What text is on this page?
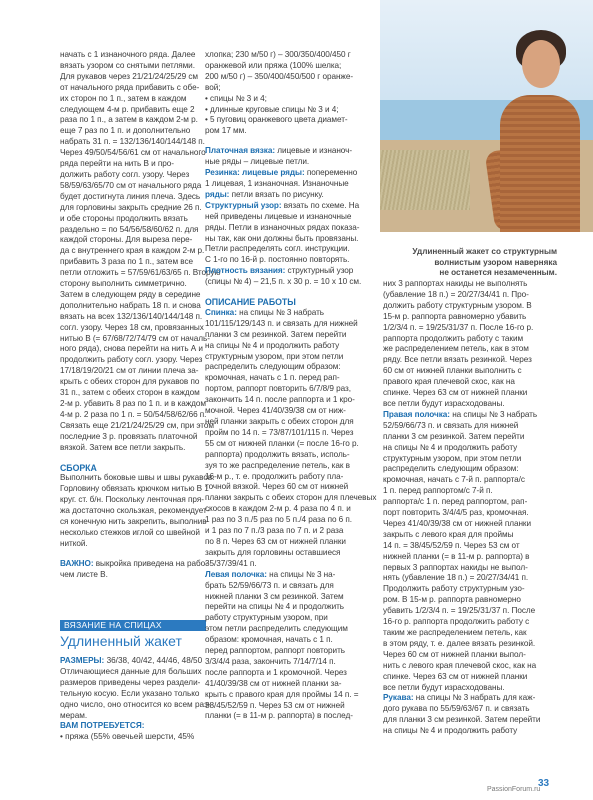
Удлиненный жакет со структурным
волнистым узором наверняка
не останется незамеченным.

начать с 1 изнаночного ряда. Далее

вязать узором со снятыми петлями.

Для рукавов через 21/21/24/25/29 см

от начального ряда прибавить с обе-

их сторон по 1 п., затем в каждом

следующем 4-м р. прибавить еще 2

раза по 1 п., а затем в каждом 2-м р.

еще 7 раз по 1 п. и дополнительно

набрать 31 п. = 132/136/140/144/148 п.

Через 49/50/54/56/61 см от начального

ряда перейти на нить В и про-

должить работу согл. узору. Через

58/59/63/65/70 см от начального ряда

будет достигнута линия плеча. Здесь

для горловины закрыть средние 26 п.

и обе стороны продолжить вязать

раздельно = по 54/56/58/60/62 п. для

каждой стороны. Для выреза пере-

да с внутреннего края в каждом 2-м р.

прибавить 3 раза по 1 п., затем все

петли отложить = 57/59/61/63/65 п. Вторую

сторону выполнить симметрично.

Затем в следующем ряду в середине

дополнительно набрать 18 п. и снова

вязать на всех 132/136/140/144/148 п.

согл. узору. Через 18 см, провязанных

нитью В (= 67/68/72/74/79 см от началь-

ного ряда), снова перейти на нить А и

продолжить работу согл. узору. Через

17/18/19/20/21 см от линии плеча за-

крыть с обеих сторон для рукавов по

31 п., затем с обеих сторон в каждом

2-м р. убавить 8 раз по 1 п. и в каждом

4-м р. 2 раза по 1 п. = 50/54/58/62/66 п.

Связать еще 21/21/24/25/29 см, при этом

последние 3 р. провязать платочной

вязкой. Затем все петли закрыть.

СБОРКА

Выполнить боковые швы и швы рукавов.

Горловину обвязать крючком нитью В 1

круг. ст. б/н. Поскольку ленточная пря-

жа достаточно скользкая, рекомендует-

ся конечную нить закрепить, выполнив

несколько стежков иглой со швейной

ниткой.

ВАЖНО: выкройка приведена на рабо-

чем листе В.

ВЯЗАНИЕ НА СПИЦАХ
Удлиненный жакет

РАЗМЕРЫ: 36/38, 40/42, 44/46, 48/50

Отличающиеся данные для больших

размеров приведены через раздели-

тельную косую. Если указано только

одно число, оно относится ко всем раз-

мерам.

ВАМ ПОТРЕБУЕТСЯ:

• пряжа (55% овечьей шерсти, 45%

хлопка; 230 м/50 г) – 300/350/400/450 г

оранжевой или пряжа (100% шелка;

200 м/50 г) – 350/400/450/500 г оранже-

вой;

• спицы № 3 и 4;

• длинные круговые спицы № 3 и 4;

• 5 пуговиц оранжевого цвета диамет-

ром 17 мм.

Платочная вязка: лицевые и изнаноч-

ные ряды – лицевые петли.

Резинка: лицевые ряды: попеременно

1 лицевая, 1 изнаночная. Изнаночные

ряды: петли вязать по рисунку.

Структурный узор: вязать по схеме. На

ней приведены лицевые и изнаночные

ряды. Петли в изнаночных рядах показа-

ны так, как они должны быть провязаны.

Петли распределять согл. инструкции.

С 1-го по 16-й р. постоянно повторять.

Плотность вязания: структурный узор

(спицы № 4) – 21,5 п. x 30 р. = 10 x 10 см.

ОПИСАНИЕ РАБОТЫ

Спинка: на спицы № 3 набрать

101/115/129/143 п. и связать для нижней

планки 3 см резинкой. Затем перейти

на спицы № 4 и продолжить работу

структурным узором, при этом петли

распределить следующим образом:

кромочная, начать с 1 п. перед рап-

портом, раппорт повторить 6/7/8/9 раз,

закончить 14 п. после раппорта и 1 кро-

мочной. Через 41/40/39/38 см от ниж-

ней планки закрыть с обеих сторон для

пройм по 14 п. = 73/87/101/115 п. Через

55 см от нижней планки (= после 16-го р.

раппорта) продолжить вязать, исполь-

зуя то же распределение петель, как в

16-м р., т. е. продолжить работу пла-

точной вязкой. Через 60 см от нижней

планки закрыть с обеих сторон для плечевых

скосов в каждом 2-м р. 4 раза по 4 п. и

1 раз по 3 п./5 раз по 5 п./4 раза по 6 п.

и 1 раз по 7 п./3 раза по 7 п. и 2 раза

по 8 п. Через 63 см от нижней планки

закрыть для горловины оставшиеся

35/37/39/41 п.

Левая полочка: на спицы № 3 на-

брать 52/59/66/73 п. и связать для

нижней планки 3 см резинкой. Затем

перейти на спицы № 4 и продолжить

работу структурным узором, при

этом петли распределить следующим

образом: кромочная, начать с 1 п.

перед раппортом, раппорт повторить

3/3/4/4 раза, закончить 7/14/7/14 п.

после раппорта и 1 кромочной. Через

41/40/39/38 см от нижней планки за-

крыть с правого края для проймы 14 п. =

38/45/52/59 п. Через 53 см от нижней

планки (= в 11-м р. раппорта) в послед-

них 3 раппортах накиды не выполнять

(убавление 18 п.) = 20/27/34/41 п. Про-

должить работу структурным узором. В

15-м р. раппорта равномерно убавить

1/2/3/4 п. = 19/25/31/37 п. После 16-го р.

раппорта продолжить работу с таким

же распределением петель, как в этом

ряду. Все петли вязать резинкой. Через

60 см от нижней планки выполнить с

правого края плечевой скос, как на

спинке. Через 63 см от нижней планки

все петли будут израсходованы.

Правая полочка: на спицы № 3 набрать

52/59/66/73 п. и связать для нижней

планки 3 см резинкой. Затем перейти

на спицы № 4 и продолжить работу

структурным узором, при этом петли

распределить следующим образом:

кромочная, начать с 7-й п. раппорта/с

1 п. перед раппортом/с 7-й п.

раппорта/с 1 п. перед раппортом, рап-

порт повторить 3/4/4/5 раз, кромочная.

Через 41/40/39/38 см от нижней планки

закрыть с левого края для проймы

14 п. = 38/45/52/59 п. Через 53 см от

нижней планки (= в 11-м р. раппорта) в

первых 3 раппортах накиды не выпол-

нять (убавление 18 п.) = 20/27/34/41 п.

Продолжить работу структурным узо-

ром. В 15-м р. раппорта равномерно

убавить 1/2/3/4 п. = 19/25/31/37 п. После

16-го р. раппорта продолжить работу с

таким же распределением петель, как

в этом ряду, т. е. далее вязать резинкой.

Через 60 см от нижней планки выпол-

нить с левого края плечевой скос, как на

спинке. Через 63 см от нижней планки

все петли будут израсходованы.

Рукава: на спицы № 3 набрать для каж-

дого рукава по 55/59/63/67 п. и связать

для планки 3 см резинкой. Затем перейти

на спицы № 4 и продолжить работу

33
PassionForum.ru
